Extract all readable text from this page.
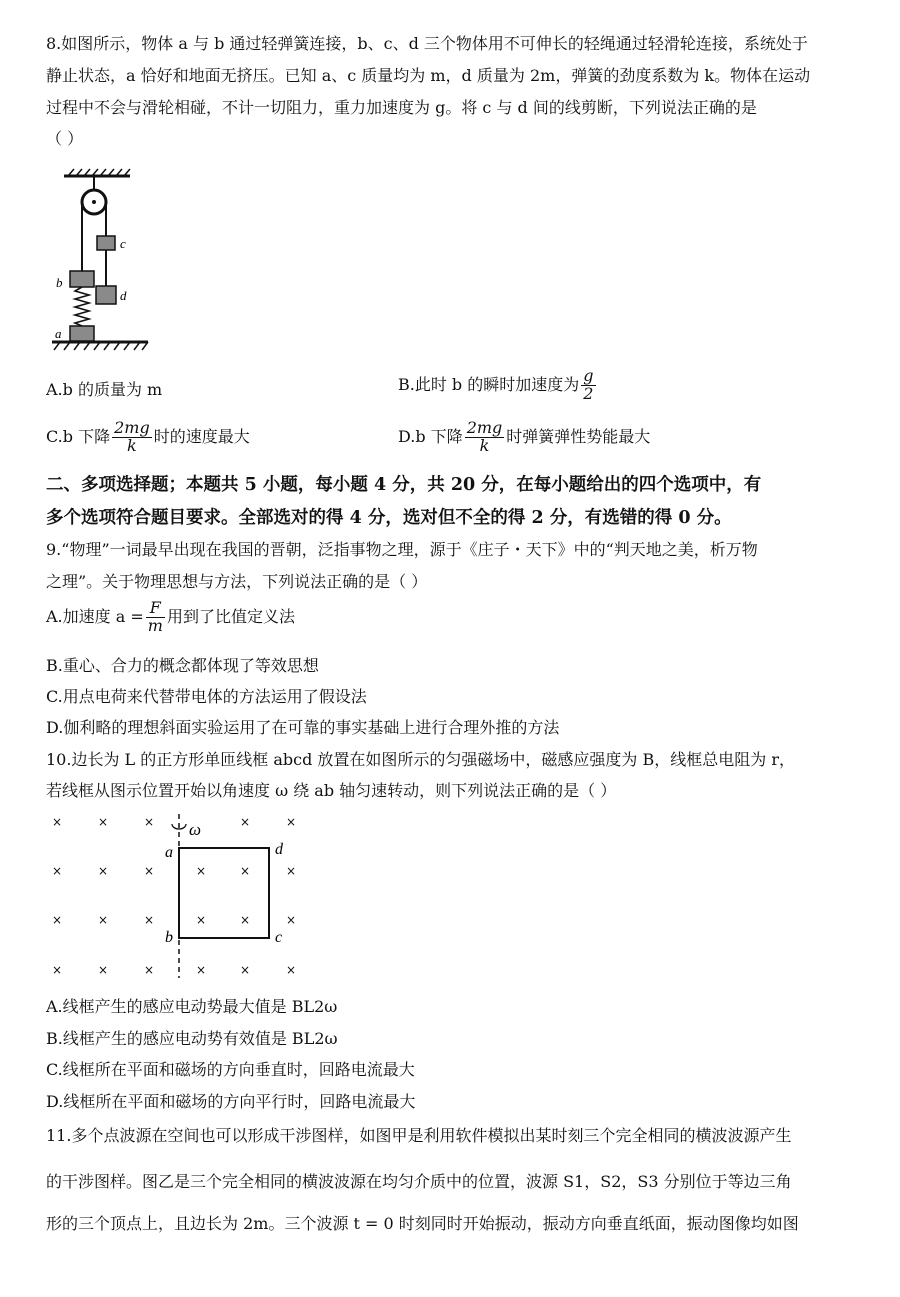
8.如图所示，物体 a 与 b 通过轻弹簧连接，b、c、d 三个物体用不可伸长的轻绳通过轻滑轮连接，系统处于
静止状态，a 恰好和地面无挤压。已知 a、c 质量均为 m，d 质量为 2m，弹簧的劲度系数为 k。物体在运动
过程中不会与滑轮相碰，不计一切阻力，重力加速度为 g。将 c 与 d 间的线剪断，下列说法正确的是
（ ）
c
b
d
a
A.b 的质量为 m	B.此时 b 的瞬时加速度为 $\frac{g}{2}$
C.b 下降 $\frac{2mg}{k}$ 时的速度最大	D.b 下降 $\frac{2mg}{k}$ 时弹簧弹性势能最大
二、多项选择题；本题共 5 小题，每小题 4 分，共 20 分，在每小题给出的四个选项中，有
多个选项符合题目要求。全部选对的得 4 分，选对但不全的得 2 分，有选错的得 0 分。
9.“物理”一词最早出现在我国的晋朝，泛指事物之理，源于《庄子・天下》中的“判天地之美，析万物
之理”。关于物理思想与方法，下列说法正确的是（ ）
A.加速度 $a = \frac{F}{m}$ 用到了比值定义法
B.重心、合力的概念都体现了等效思想
C.用点电荷来代替带电体的方法运用了假设法
D.伽利略的理想斜面实验运用了在可靠的事实基础上进行合理外推的方法
10.边长为 L 的正方形单匝线框 abcd 放置在如图所示的匀强磁场中，磁感应强度为 B，线框总电阻为 r，
若线框从图示位置开始以角速度 ω 绕 ab 轴匀速转动，则下列说法正确的是（ ）
×	×	×	×	×
×	×	×	×	×	×
×	×	×	×	×	×
×	×	×	×	×	×
ω
a	d
b	c
A.线框产生的感应电动势最大值是 BL2ω
B.线框产生的感应电动势有效值是 BL2ω
C.线框所在平面和磁场的方向垂直时，回路电流最大
D.线框所在平面和磁场的方向平行时，回路电流最大
11.多个点波源在空间也可以形成干涉图样，如图甲是利用软件模拟出某时刻三个完全相同的横波波源产生
的干涉图样。图乙是三个完全相同的横波波源在均匀介质中的位置，波源 S1，S2，S3 分别位于等边三角
形的三个顶点上，且边长为 2m。三个波源 t = 0 时刻同时开始振动，振动方向垂直纸面，振动图像均如图
